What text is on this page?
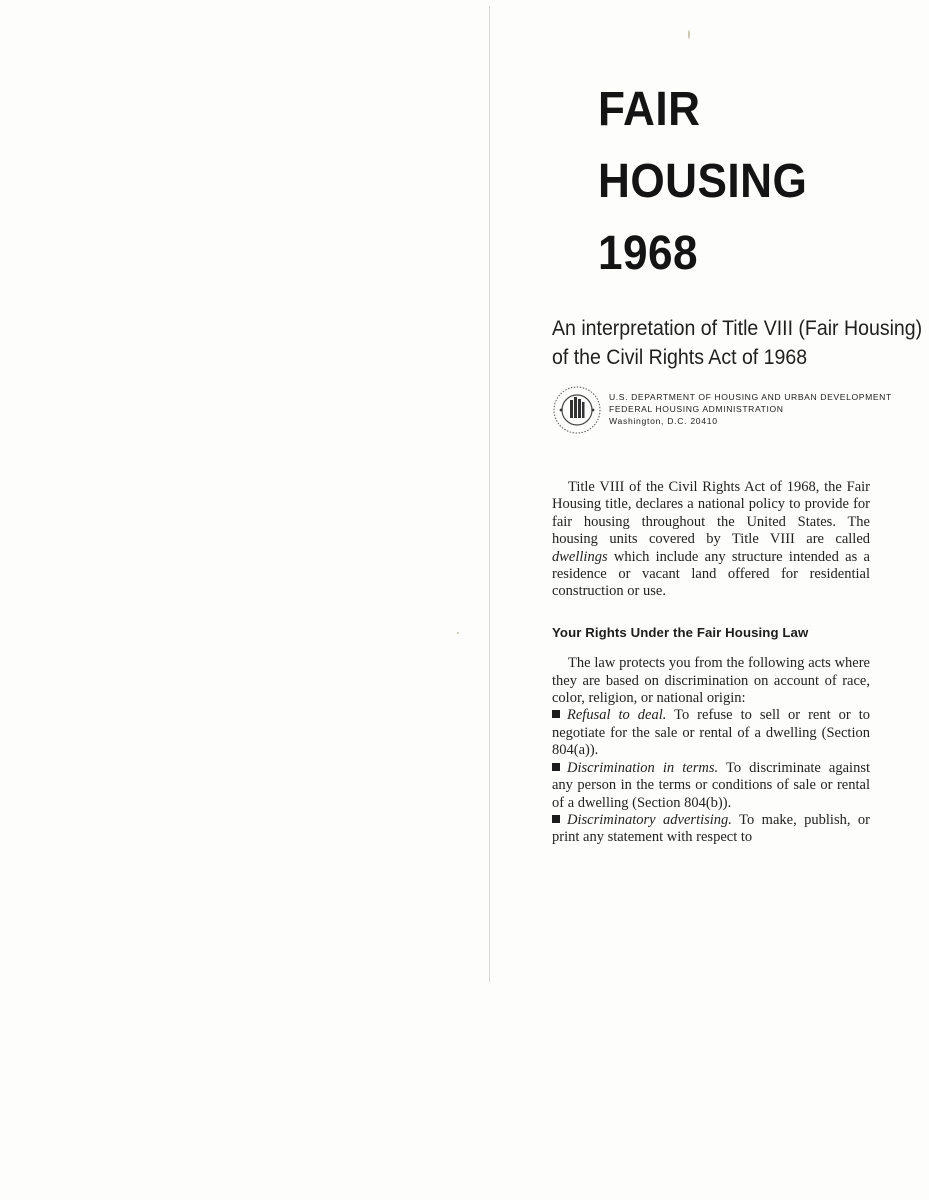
FAIR
HOUSING
1968
An interpretation of Title VIII (Fair Housing) of the Civil Rights Act of 1968
U.S. DEPARTMENT OF HOUSING AND URBAN DEVELOPMENT
FEDERAL HOUSING ADMINISTRATION
Washington, D.C. 20410

Title VIII of the Civil Rights Act of 1968, the Fair Housing title, declares a national policy to provide for fair housing throughout the United States. The housing units covered by Title VIII are called dwellings which include any structure intended as a residence or vacant land offered for residential construction or use.

Your Rights Under the Fair Housing Law

The law protects you from the following acts where they are based on discrimination on account of race, color, religion, or national origin:

Refusal to deal. To refuse to sell or rent or to negotiate for the sale or rental of a dwelling (Section 804(a)).

Discrimination in terms. To discriminate against any person in the terms or conditions of sale or rental of a dwelling (Section 804(b)).

Discriminatory advertising. To make, publish, or print any statement with respect to
